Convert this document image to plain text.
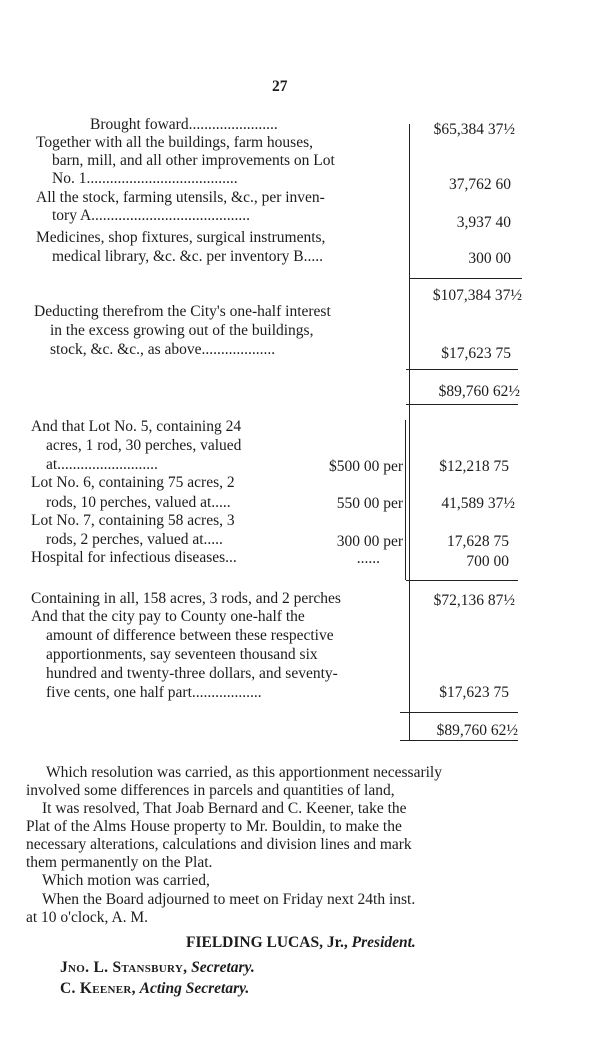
27
Brought foward.......................
Together with all the buildings, farm houses,
barn, mill, and all other improvements on Lot
No. 1.......................................
All the stock, farming utensils, &c., per inven-
tory A.........................................
Medicines, shop fixtures, surgical instruments,
medical library, &c. &c. per inventory B.....
$65,384 37½
37,762 60
3,937 40
300 00
$107,384 37½
Deducting therefrom the City's one-half interest
in the excess growing out of the buildings,
stock, &c. &c., as above...................	$17,623 75
$89,760 62½
And that Lot No. 5, containing 24
acres, 1 rod, 30 perches, valued
at..........................
Lot No. 6, containing 75 acres, 2
rods, 10 perches, valued at.....
Lot No. 7, containing 58 acres, 3
rods, 2 perches, valued at.....
Hospital for infectious diseases...
$500 00 per
550 00 per
300 00 per
......
$12,218 75
41,589 37½
17,628 75
700 00
Containing in all, 158 acres, 3 rods, and 2 perches
And that the city pay to County one-half the
amount of difference between these respective
apportionments, say seventeen thousand six
hundred and twenty-three dollars, and seventy-
five cents, one half part..................
$72,136 87½
$17,623 75
$89,760 62½
Which resolution was carried, as this apportionment necessarily
involved some differences in parcels and quantities of land,
It was resolved, That Joab Bernard and C. Keener, take the
Plat of the Alms House property to Mr. Bouldin, to make the
necessary alterations, calculations and division lines and mark
them permanently on the Plat.
Which motion was carried,
When the Board adjourned to meet on Friday next 24th inst.
at 10 o'clock, A. M.
FIELDING LUCAS, Jr., President.
Jno. L. Stansbury, Secretary.
C. Keener, Acting Secretary.
